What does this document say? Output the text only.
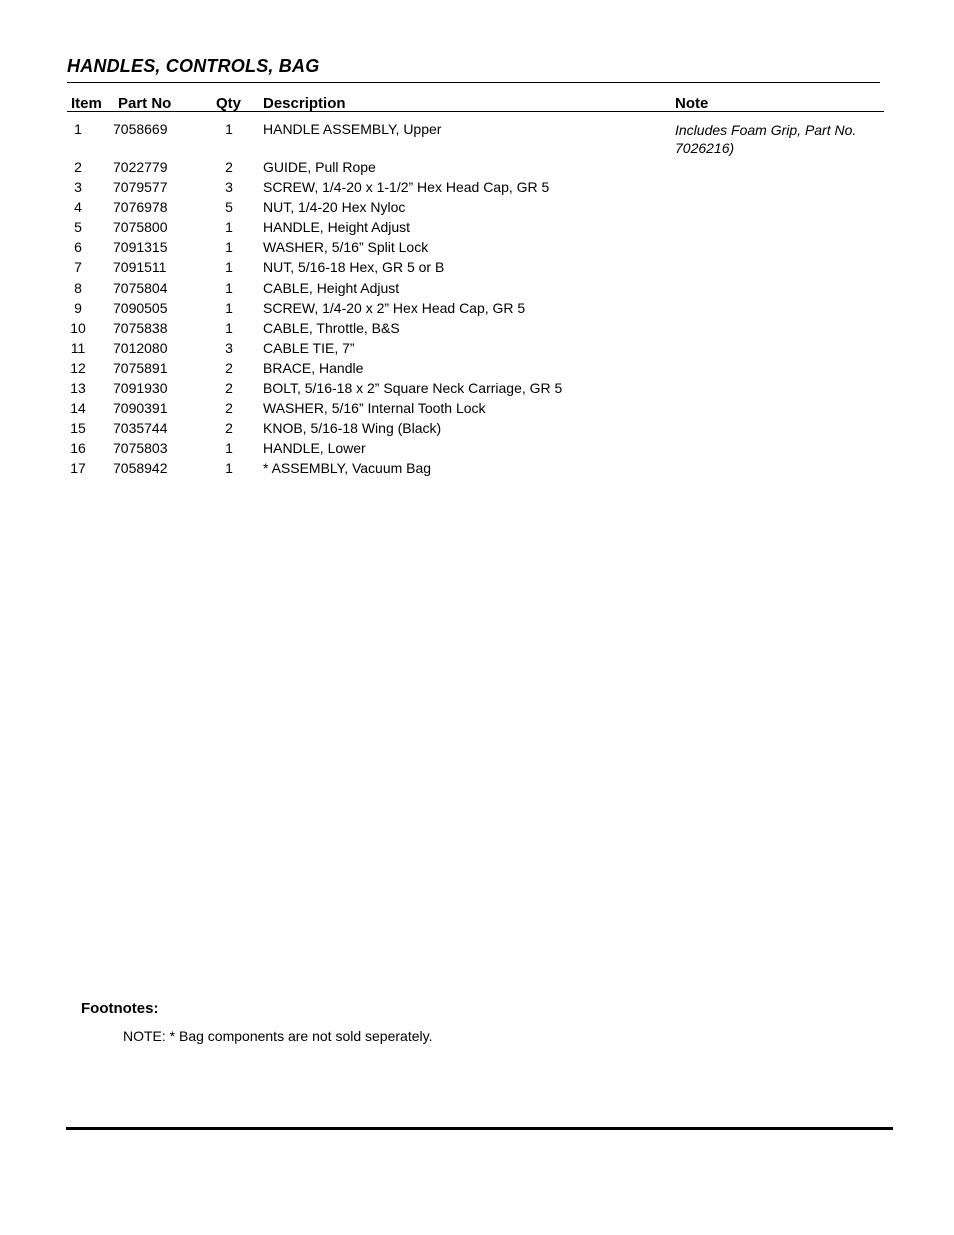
HANDLES, CONTROLS, BAG
Item Part No	Qty Description	Note
1	7058669	1	HANDLE ASSEMBLY, Upper	Includes Foam Grip, Part No. 7026216)
2	7022779	2	GUIDE, Pull Rope
3	7079577	3	SCREW, 1/4-20 x 1-1/2” Hex Head Cap, GR 5
4	7076978	5	NUT, 1/4-20 Hex Nyloc
5	7075800	1	HANDLE, Height Adjust
6	7091315	1	WASHER, 5/16” Split Lock
7	7091511	1	NUT, 5/16-18 Hex, GR 5 or B
8	7075804	1	CABLE, Height Adjust
9	7090505	1	SCREW, 1/4-20 x 2” Hex Head Cap, GR 5
10	7075838	1	CABLE, Throttle, B&S
11	7012080	3	CABLE TIE, 7”
12	7075891	2	BRACE, Handle
13	7091930	2	BOLT, 5/16-18 x 2” Square Neck Carriage, GR 5
14	7090391	2	WASHER, 5/16” Internal Tooth Lock
15	7035744	2	KNOB, 5/16-18 Wing (Black)
16	7075803	1	HANDLE, Lower
17	7058942	1	* ASSEMBLY, Vacuum Bag
Footnotes:
NOTE: * Bag components are not sold seperately.
